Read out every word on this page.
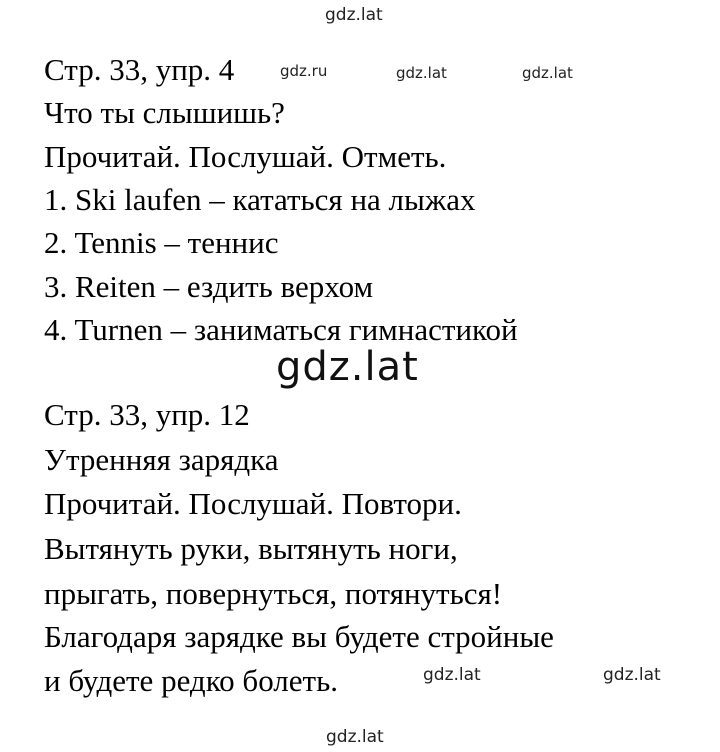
gdz.lat
Стр. 33, упр. 4	gdz.ru	gdz.lat	gdz.lat
Что ты слышишь?
Прочитай. Послушай. Отметь.
1. Ski laufen – кататься на лыжах
2. Tennis – теннис
3. Reiten – ездить верхом
4. Turnen – заниматься гимнастикой
gdz.lat
Стр. 33, упр. 12
Утренняя зарядка
Прочитай. Послушай. Повтори.
Вытянуть руки, вытянуть ноги,
прыгать, повернуться, потянуться!
Благодаря зарядке вы будете стройные
и будете редко болеть.	gdz.lat	gdz.lat
gdz.lat
